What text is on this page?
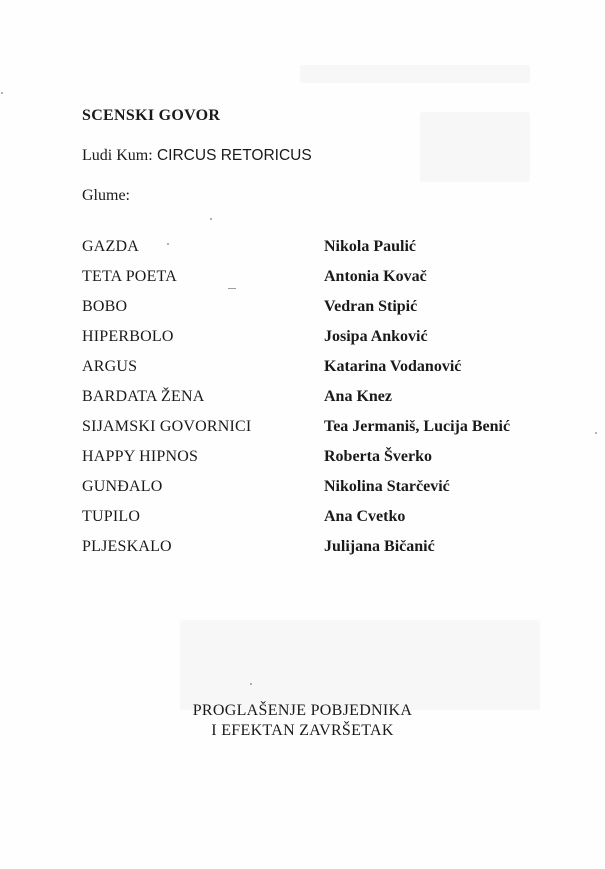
SCENSKI GOVOR
Ludi Kum: CIRCUS RETORICUS
Glume:
GAZDA	Nikola Paulić
TETA POETA	Antonia Kovač
BOBO	Vedran Stipić
HIPERBOLO	Josipa Anković
ARGUS	Katarina Vodanović
BARDATA ŽENA	Ana Knez
SIJAMSKI GOVORNICI	Tea Jermaniš, Lucija Benić
HAPPY HIPNOS	Roberta Šverko
GUNĐALO	Nikolina Starčević
TUPILO	Ana Cvetko
PLJESKALO	Julijana Bičanić
PROGLAŠENJE POBJEDNIKA
I EFEKTAN ZAVRŠETAK
